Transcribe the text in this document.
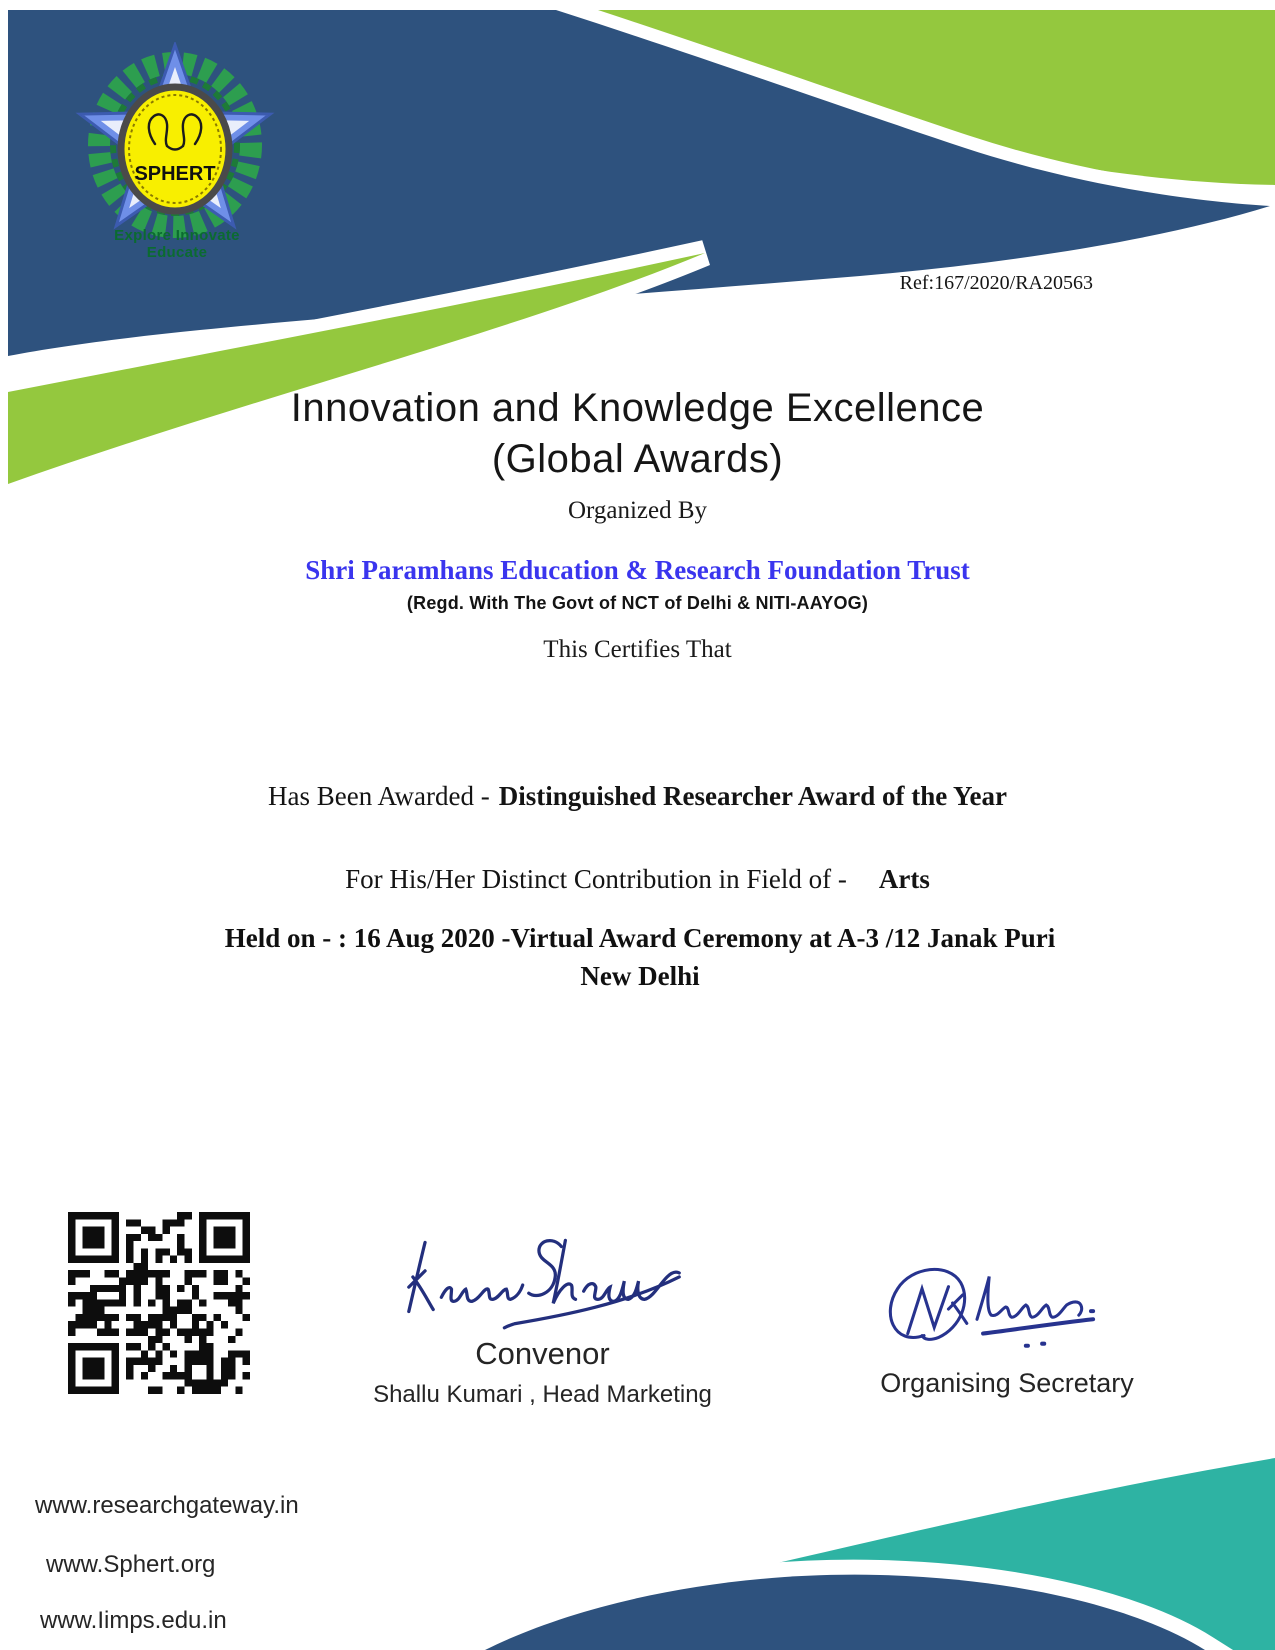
SPHERT
Explore Innovate Educate
Ref:167/2020/RA20563
Innovation and Knowledge Excellence
(Global Awards)
Organized By
Shri Paramhans Education & Research Foundation Trust
(Regd. With The Govt of NCT of Delhi & NITI-AAYOG)
This Certifies That
Has Been Awarded - Distinguished Researcher Award of the Year
For His/Her Distinct Contribution in Field of - Arts
Held on - : 16 Aug 2020 -Virtual Award Ceremony at A-3 /12 Janak Puri New Delhi
www.researchgateway.in
www.Sphert.org
www.Iimps.edu.in
Convenor
Shallu Kumari , Head Marketing	Organising Secretary
